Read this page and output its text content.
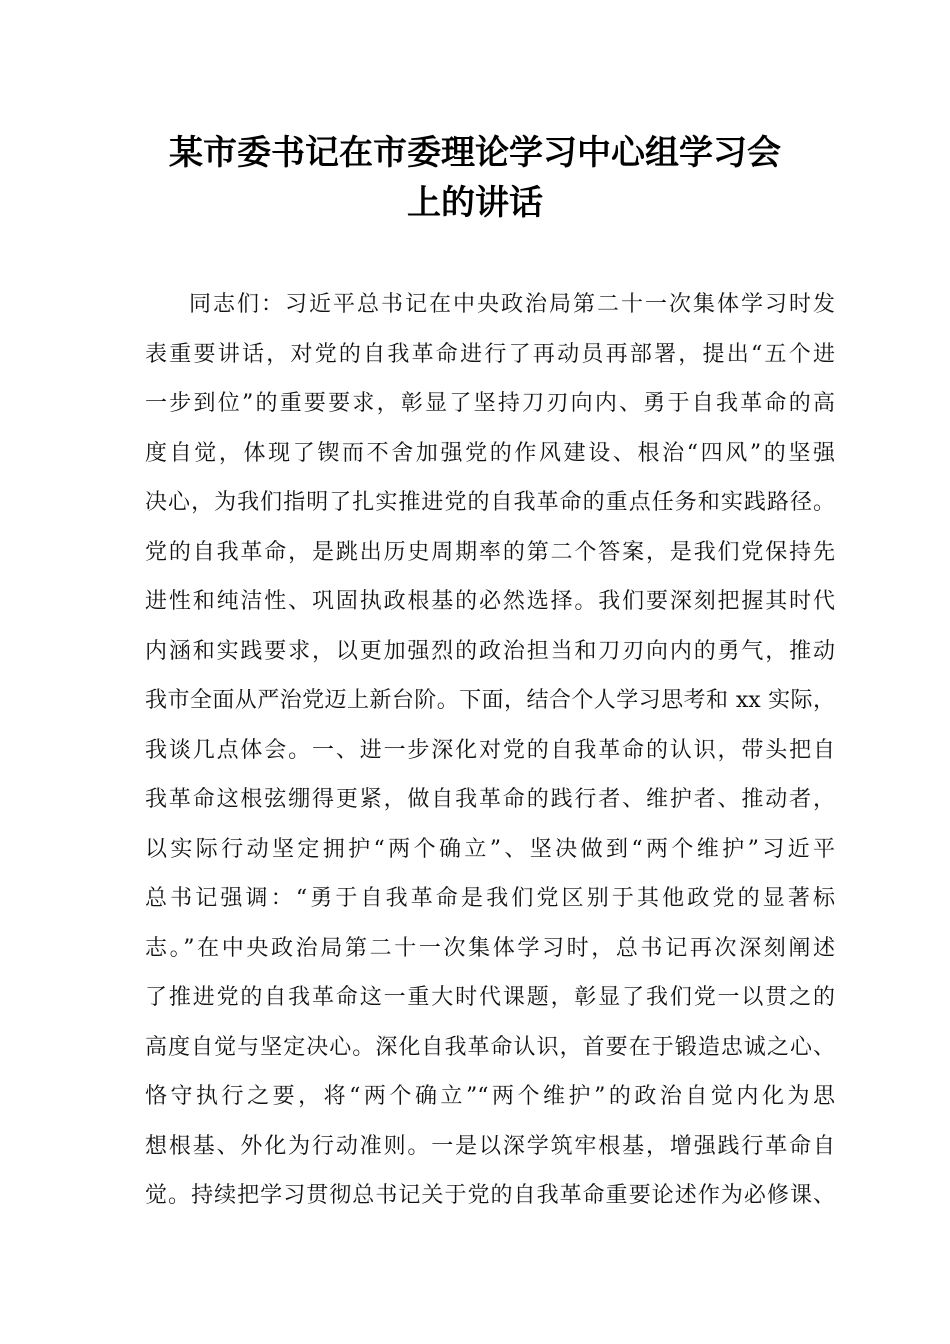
某市委书记在市委理论学习中心组学习会
上的讲话
同志们：习近平总书记在中央政治局第二十一次集体学习时发
表重要讲话，对党的自我革命进行了再动员再部署，提出“五个进
一步到位”的重要要求，彰显了坚持刀刃向内、勇于自我革命的高
度自觉，体现了锲而不舍加强党的作风建设、根治“四风”的坚强
决心，为我们指明了扎实推进党的自我革命的重点任务和实践路径。
党的自我革命，是跳出历史周期率的第二个答案，是我们党保持先
进性和纯洁性、巩固执政根基的必然选择。我们要深刻把握其时代
内涵和实践要求，以更加强烈的政治担当和刀刃向内的勇气，推动
我市全面从严治党迈上新台阶。下面，结合个人学习思考和 xx 实际，
我谈几点体会。一、进一步深化对党的自我革命的认识，带头把自
我革命这根弦绷得更紧，做自我革命的践行者、维护者、推动者，
以实际行动坚定拥护“两个确立”、坚决做到“两个维护”习近平
总书记强调：“勇于自我革命是我们党区别于其他政党的显著标
志。”在中央政治局第二十一次集体学习时，总书记再次深刻阐述
了推进党的自我革命这一重大时代课题，彰显了我们党一以贯之的
高度自觉与坚定决心。深化自我革命认识，首要在于锻造忠诚之心、
恪守执行之要，将“两个确立”“两个维护”的政治自觉内化为思
想根基、外化为行动准则。一是以深学筑牢根基，增强践行革命自
觉。持续把学习贯彻总书记关于党的自我革命重要论述作为必修课、
